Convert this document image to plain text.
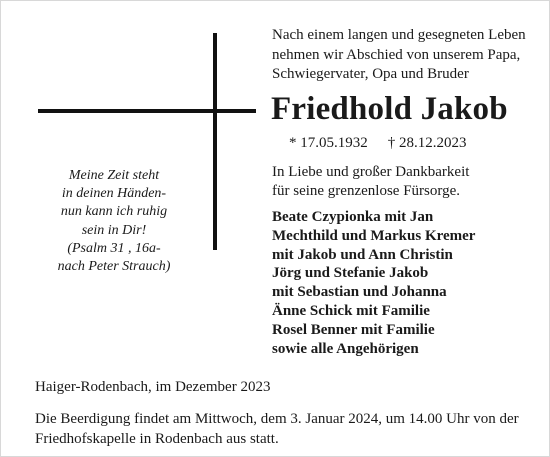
Nach einem langen und gesegneten Leben
nehmen wir Abschied von unserem Papa,
Schwiegervater, Opa und Bruder
Friedhold Jakob
* 17.05.1932 † 28.12.2023
In Liebe und großer Dankbarkeit
für seine grenzenlose Fürsorge.
Beate Czypionka mit Jan
Mechthild und Markus Kremer
mit Jakob und Ann Christin
Jörg und Stefanie Jakob
mit Sebastian und Johanna
Änne Schick mit Familie
Rosel Benner mit Familie
sowie alle Angehörigen
Meine Zeit steht
in deinen Händen-
nun kann ich ruhig
sein in Dir!
(Psalm 31 , 16a-
nach Peter Strauch)
Haiger-Rodenbach, im Dezember 2023
Die Beerdigung findet am Mittwoch, dem 3. Januar 2024, um 14.00 Uhr von der
Friedhofskapelle in Rodenbach aus statt.
